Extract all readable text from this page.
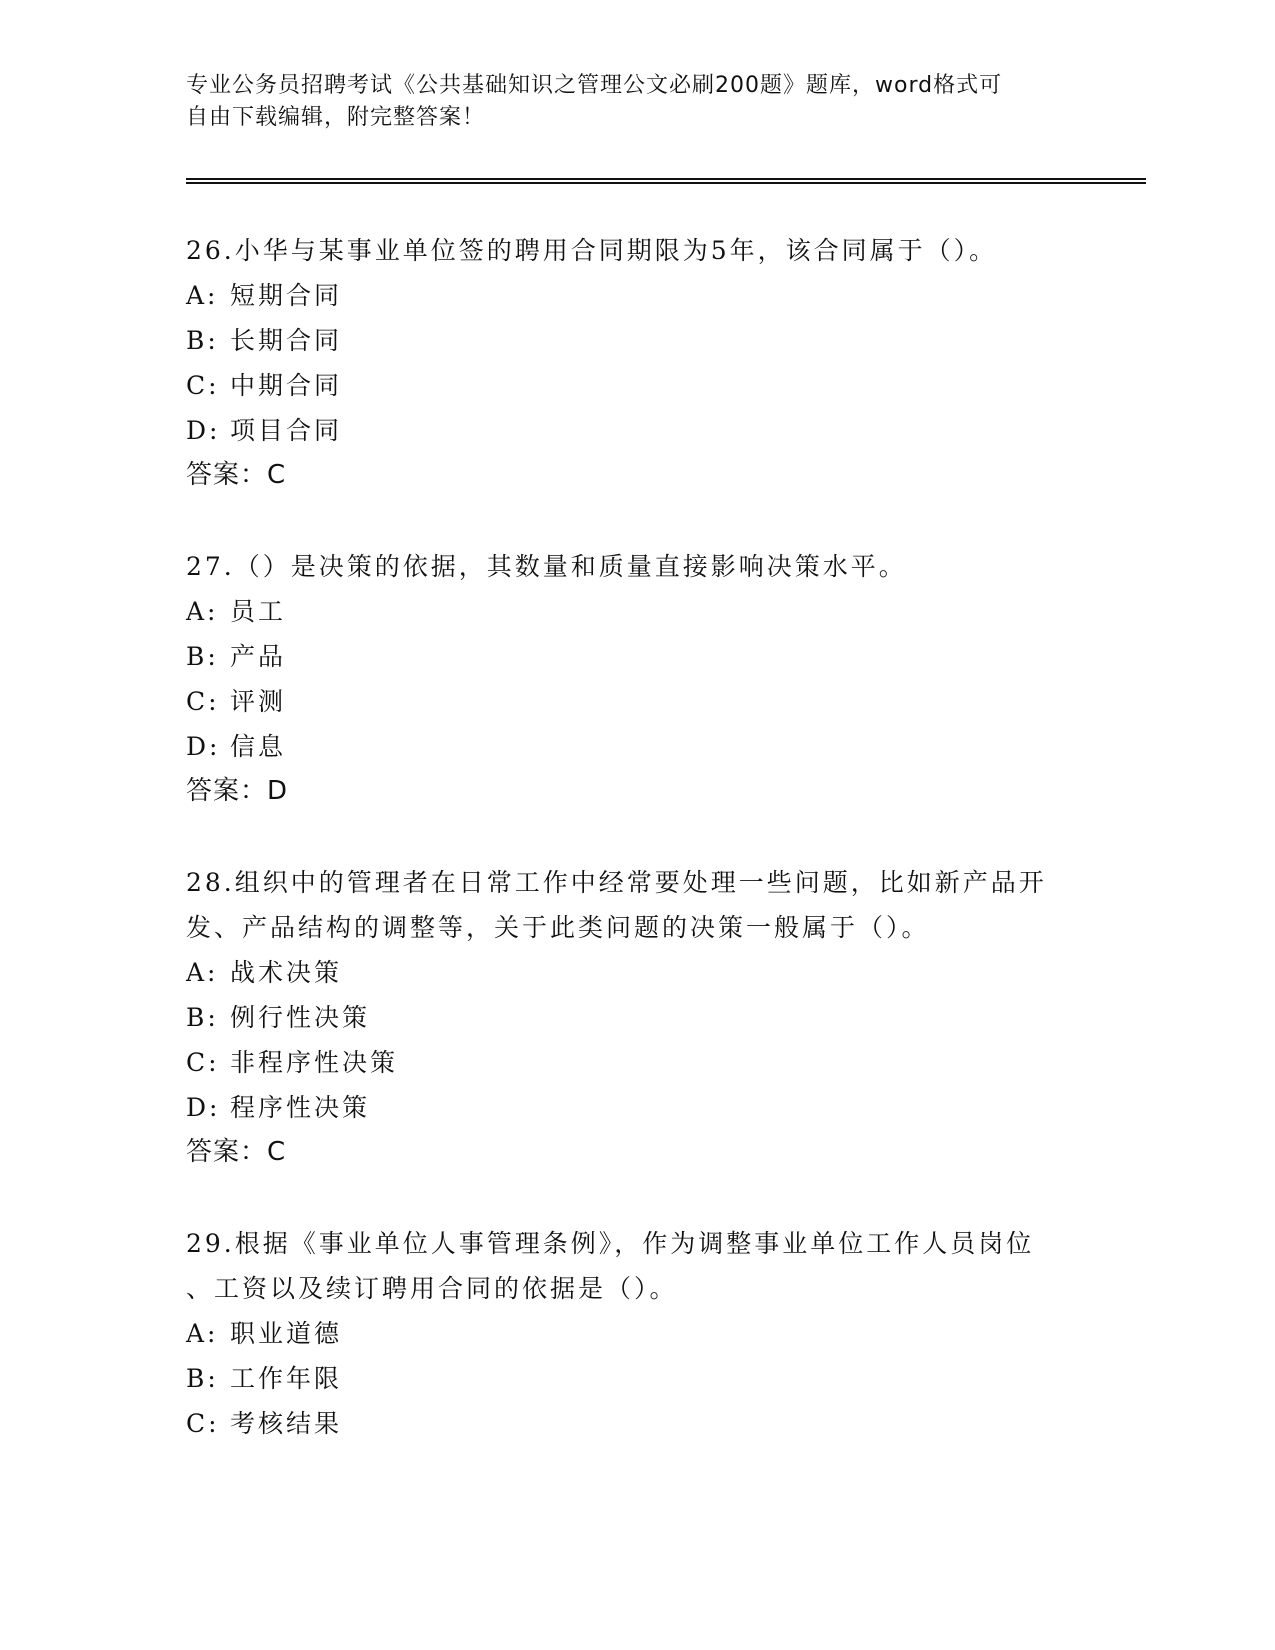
专业公务员招聘考试《公共基础知识之管理公文必刷200题》题库，word格式可
自由下载编辑，附完整答案！

26.小华与某事业单位签的聘用合同期限为5年，该合同属于（）。

A: 短期合同

B: 长期合同

C: 中期合同

D: 项目合同

答案：C

27.（）是决策的依据，其数量和质量直接影响决策水平。

A: 员工

B: 产品

C: 评测

D: 信息

答案：D

28.组织中的管理者在日常工作中经常要处理一些问题，比如新产品开

发、产品结构的调整等，关于此类问题的决策一般属于（）。

A: 战术决策

B: 例行性决策

C: 非程序性决策

D: 程序性决策

答案：C

29.根据《事业单位人事管理条例》，作为调整事业单位工作人员岗位

、工资以及续订聘用合同的依据是（）。

A: 职业道德

B: 工作年限

C: 考核结果
